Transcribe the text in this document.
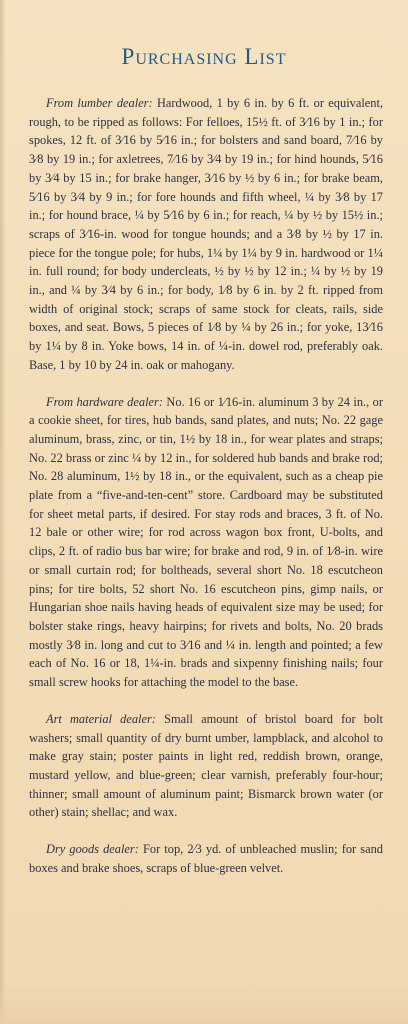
Purchasing List

From lumber dealer: Hardwood, 1 by 6 in. by 6 ft. or equivalent, rough, to be ripped as follows: For felloes, 15½ ft. of 3⁄16 by 1 in.; for spokes, 12 ft. of 3⁄16 by 5⁄16 in.; for bolsters and sand board, 7⁄16 by 3⁄8 by 19 in.; for axletrees, 7⁄16 by 3⁄4 by 19 in.; for hind hounds, 5⁄16 by 3⁄4 by 15 in.; for brake hanger, 3⁄16 by ½ by 6 in.; for brake beam, 5⁄16 by 3⁄4 by 9 in.; for fore hounds and fifth wheel, ¼ by 3⁄8 by 17 in.; for hound brace, ¼ by 5⁄16 by 6 in.; for reach, ¼ by ½ by 15½ in.; scraps of 3⁄16-in. wood for tongue hounds; and a 3⁄8 by ½ by 17 in. piece for the tongue pole; for hubs, 1¼ by 1¼ by 9 in. hardwood or 1¼ in. full round; for body undercleats, ½ by ½ by 12 in.; ¼ by ½ by 19 in., and ¼ by 3⁄4 by 6 in.; for body, 1⁄8 by 6 in. by 2 ft. ripped from width of original stock; scraps of same stock for cleats, rails, side boxes, and seat. Bows, 5 pieces of 1⁄8 by ¼ by 26 in.; for yoke, 13⁄16 by 1¼ by 8 in. Yoke bows, 14 in. of ¼-in. dowel rod, preferably oak. Base, 1 by 10 by 24 in. oak or mahogany.

From hardware dealer: No. 16 or 1⁄16-in. aluminum 3 by 24 in., or a cookie sheet, for tires, hub bands, sand plates, and nuts; No. 22 gage aluminum, brass, zinc, or tin, 1½ by 18 in., for wear plates and straps; No. 22 brass or zinc ¼ by 12 in., for soldered hub bands and brake rod; No. 28 aluminum, 1½ by 18 in., or the equivalent, such as a cheap pie plate from a “five-and-ten-cent” store. Cardboard may be substituted for sheet metal parts, if desired. For stay rods and braces, 3 ft. of No. 12 bale or other wire; for rod across wagon box front, U-bolts, and clips, 2 ft. of radio bus bar wire; for brake and rod, 9 in. of 1⁄8-in. wire or small curtain rod; for boltheads, several short No. 18 escutcheon pins; for tire bolts, 52 short No. 16 escutcheon pins, gimp nails, or Hungarian shoe nails having heads of equivalent size may be used; for bolster stake rings, heavy hairpins; for rivets and bolts, No. 20 brads mostly 3⁄8 in. long and cut to 3⁄16 and ¼ in. length and pointed; a few each of No. 16 or 18, 1¼-in. brads and sixpenny finishing nails; four small screw hooks for attaching the model to the base.

Art material dealer: Small amount of bristol board for bolt washers; small quantity of dry burnt umber, lampblack, and alcohol to make gray stain; poster paints in light red, reddish brown, orange, mustard yellow, and blue-green; clear varnish, preferably four-hour; thinner; small amount of aluminum paint; Bismarck brown water (or other) stain; shellac; and wax.

Dry goods dealer: For top, 2⁄3 yd. of unbleached muslin; for sand boxes and brake shoes, scraps of blue-green velvet.
